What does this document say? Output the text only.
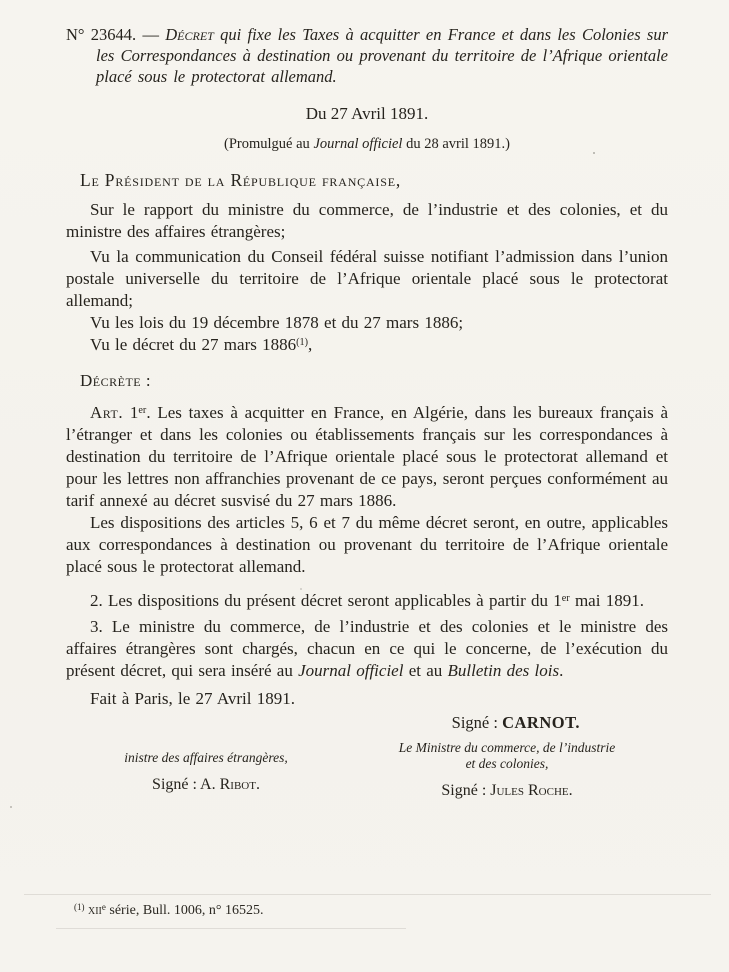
N° 23644. — Décret qui fixe les Taxes à acquitter en France et dans les Colonies sur les Correspondances à destination ou provenant du territoire de l’Afrique orientale placé sous le protectorat allemand.

Du 27 Avril 1891.

(Promulgué au Journal officiel du 28 avril 1891.)

Le Président de la République française,

Sur le rapport du ministre du commerce, de l’industrie et des colonies, et du ministre des affaires étrangères;

Vu la communication du Conseil fédéral suisse notifiant l’admission dans l’union postale universelle du territoire de l’Afrique orientale placé sous le protectorat allemand;

Vu les lois du 19 décembre 1878 et du 27 mars 1886;

Vu le décret du 27 mars 1886$^{(1)}$,

Décrète :

Art. 1er. Les taxes à acquitter en France, en Algérie, dans les bureaux français à l’étranger et dans les colonies ou établissements français sur les correspondances à destination du territoire de l’Afrique orientale placé sous le protectorat allemand et pour les lettres non affranchies provenant de ce pays, seront perçues conformément au tarif annexé au décret susvisé du 27 mars 1886.

Les dispositions des articles 5, 6 et 7 du même décret seront, en outre, applicables aux correspondances à destination ou provenant du territoire de l’Afrique orientale placé sous le protectorat allemand.

2. Les dispositions du présent décret seront applicables à partir du 1er mai 1891.

3. Le ministre du commerce, de l’industrie et des colonies et le ministre des affaires étrangères sont chargés, chacun en ce qui le concerne, de l’exécution du présent décret, qui sera inséré au Journal officiel et au Bulletin des lois.

Fait à Paris, le 27 Avril 1891.

Signé : CARNOT.
inistre des affaires étrangères,
Signé : A. Ribot.
Le Ministre du commerce, de l’industrie
et des colonies,
Signé : Jules Roche.

$^{(1)}$ xii$^e$ série, Bull. 1006, n° 16525.
